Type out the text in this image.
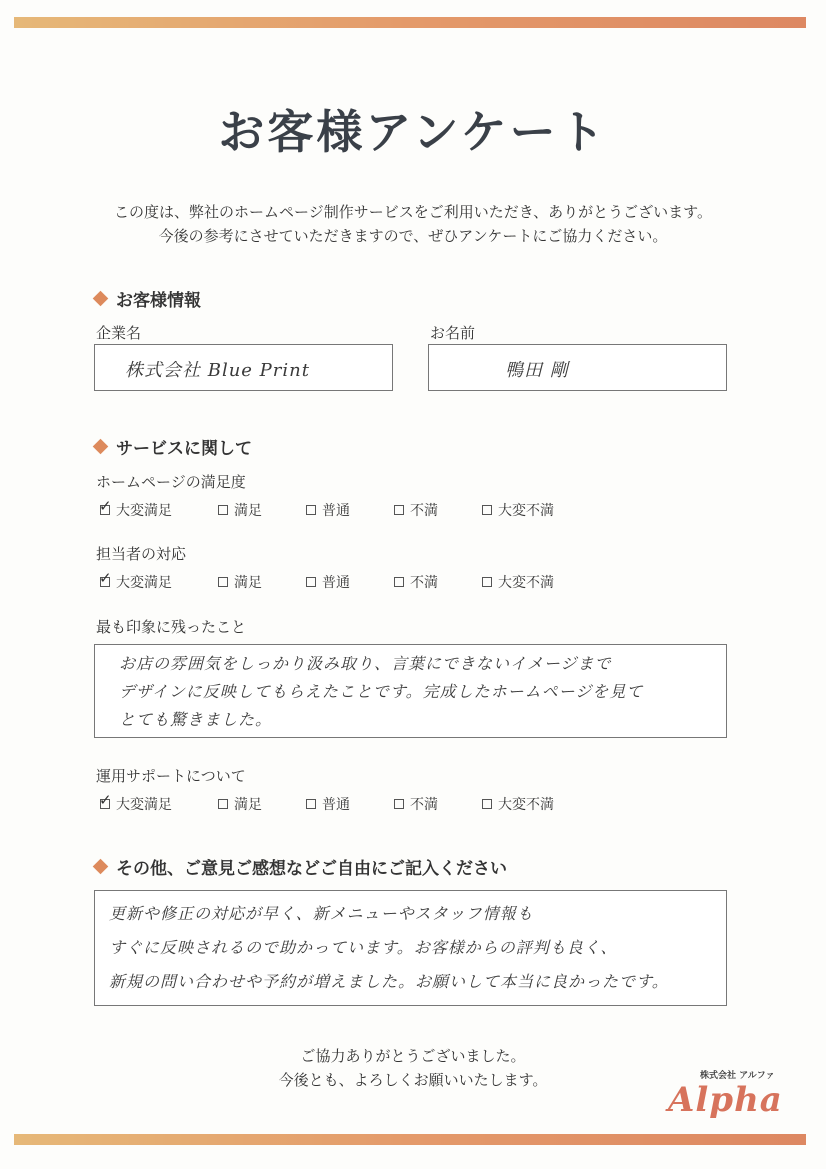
お客様アンケート
この度は、弊社のホームページ制作サービスをご利用いただき、ありがとうございます。
今後の参考にさせていただきますので、ぜひアンケートにご協力ください。
お客様情報
企業名
株式会社 Blue Print
お名前
鴨田 剛
サービスに関して
ホームページの満足度
✓
大変満足	満足	普通	不満	大変不満
担当者の対応
✓
大変満足	満足	普通	不満	大変不満
最も印象に残ったこと
お店の雰囲気をしっかり汲み取り、言葉にできないイメージまで
デザインに反映してもらえたことです。完成したホームページを見て
とても驚きました。
運用サポートについて
✓
大変満足	満足	普通	不満	大変不満
その他、ご意見ご感想などご自由にご記入ください
更新や修正の対応が早く、新メニューやスタッフ情報も
すぐに反映されるので助かっています。お客様からの評判も良く、
新規の問い合わせや予約が増えました。お願いして本当に良かったです。
ご協力ありがとうございました。
今後とも、よろしくお願いいたします。	株式会社 アルファ
Alpha
